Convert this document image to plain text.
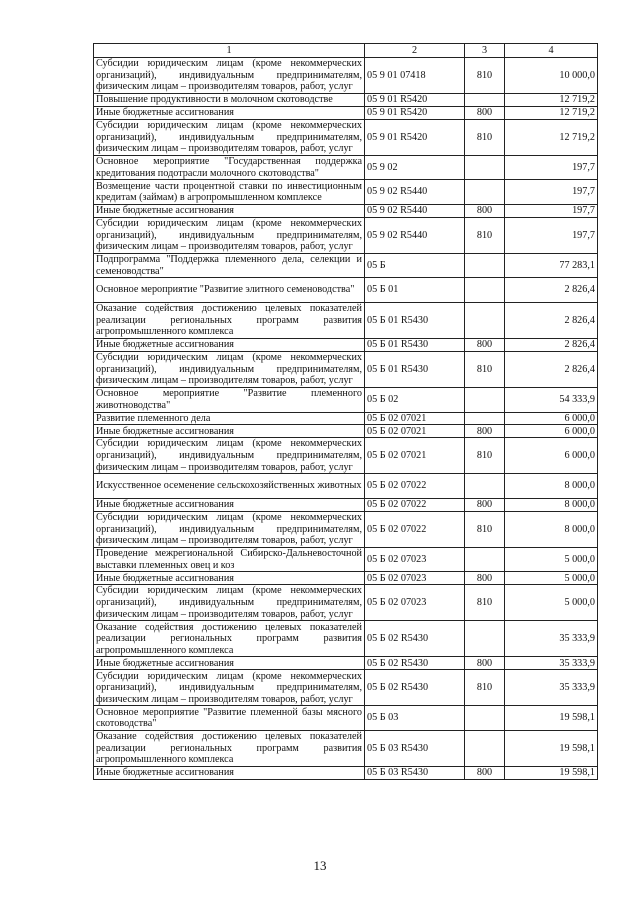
1	2	3	4
Субсидии юридическим лицам (кроме некоммерческих организаций), индивидуальным предпринимателям, физическим лицам – производителям товаров, работ, услуг	05 9 01 07418	810	10 000,0
Повышение продуктивности в молочном скотоводстве	05 9 01 R5420		12 719,2
Иные бюджетные ассигнования	05 9 01 R5420	800	12 719,2
Субсидии юридическим лицам (кроме некоммерческих организаций), индивидуальным предпринимателям, физическим лицам – производителям товаров, работ, услуг	05 9 01 R5420	810	12 719,2
Основное мероприятие "Государственная поддержка кредитования подотрасли молочного скотоводства"	05 9 02		197,7
Возмещение части процентной ставки по инвестиционным кредитам (займам) в агропромышленном комплексе	05 9 02 R5440		197,7
Иные бюджетные ассигнования	05 9 02 R5440	800	197,7
Субсидии юридическим лицам (кроме некоммерческих организаций), индивидуальным предпринимателям, физическим лицам – производителям товаров, работ, услуг	05 9 02 R5440	810	197,7
Подпрограмма "Поддержка племенного дела, селекции и семеноводства"	05 Б		77 283,1
Основное мероприятие "Развитие элитного семеноводства"	05 Б 01		2 826,4
Оказание содействия достижению целевых показателей реализации региональных программ развития агропромышленного комплекса	05 Б 01 R5430		2 826,4
Иные бюджетные ассигнования	05 Б 01 R5430	800	2 826,4
Субсидии юридическим лицам (кроме некоммерческих организаций), индивидуальным предпринимателям, физическим лицам – производителям товаров, работ, услуг	05 Б 01 R5430	810	2 826,4
Основное мероприятие "Развитие племенного животноводства"	05 Б 02		54 333,9
Развитие племенного дела	05 Б 02 07021		6 000,0
Иные бюджетные ассигнования	05 Б 02 07021	800	6 000,0
Субсидии юридическим лицам (кроме некоммерческих организаций), индивидуальным предпринимателям, физическим лицам – производителям товаров, работ, услуг	05 Б 02 07021	810	6 000,0
Искусственное осеменение сельскохозяйственных животных	05 Б 02 07022		8 000,0
Иные бюджетные ассигнования	05 Б 02 07022	800	8 000,0
Субсидии юридическим лицам (кроме некоммерческих организаций), индивидуальным предпринимателям, физическим лицам – производителям товаров, работ, услуг	05 Б 02 07022	810	8 000,0
Проведение межрегиональной Сибирско-Дальневосточной выставки племенных овец и коз	05 Б 02 07023		5 000,0
Иные бюджетные ассигнования	05 Б 02 07023	800	5 000,0
Субсидии юридическим лицам (кроме некоммерческих организаций), индивидуальным предпринимателям, физическим лицам – производителям товаров, работ, услуг	05 Б 02 07023	810	5 000,0
Оказание содействия достижению целевых показателей реализации региональных программ развития агропромышленного комплекса	05 Б 02 R5430		35 333,9
Иные бюджетные ассигнования	05 Б 02 R5430	800	35 333,9
Субсидии юридическим лицам (кроме некоммерческих организаций), индивидуальным предпринимателям, физическим лицам – производителям товаров, работ, услуг	05 Б 02 R5430	810	35 333,9
Основное мероприятие "Развитие племенной базы мясного скотоводства"	05 Б 03		19 598,1
Оказание содействия достижению целевых показателей реализации региональных программ развития агропромышленного комплекса	05 Б 03 R5430		19 598,1
Иные бюджетные ассигнования	05 Б 03 R5430	800	19 598,1
13
